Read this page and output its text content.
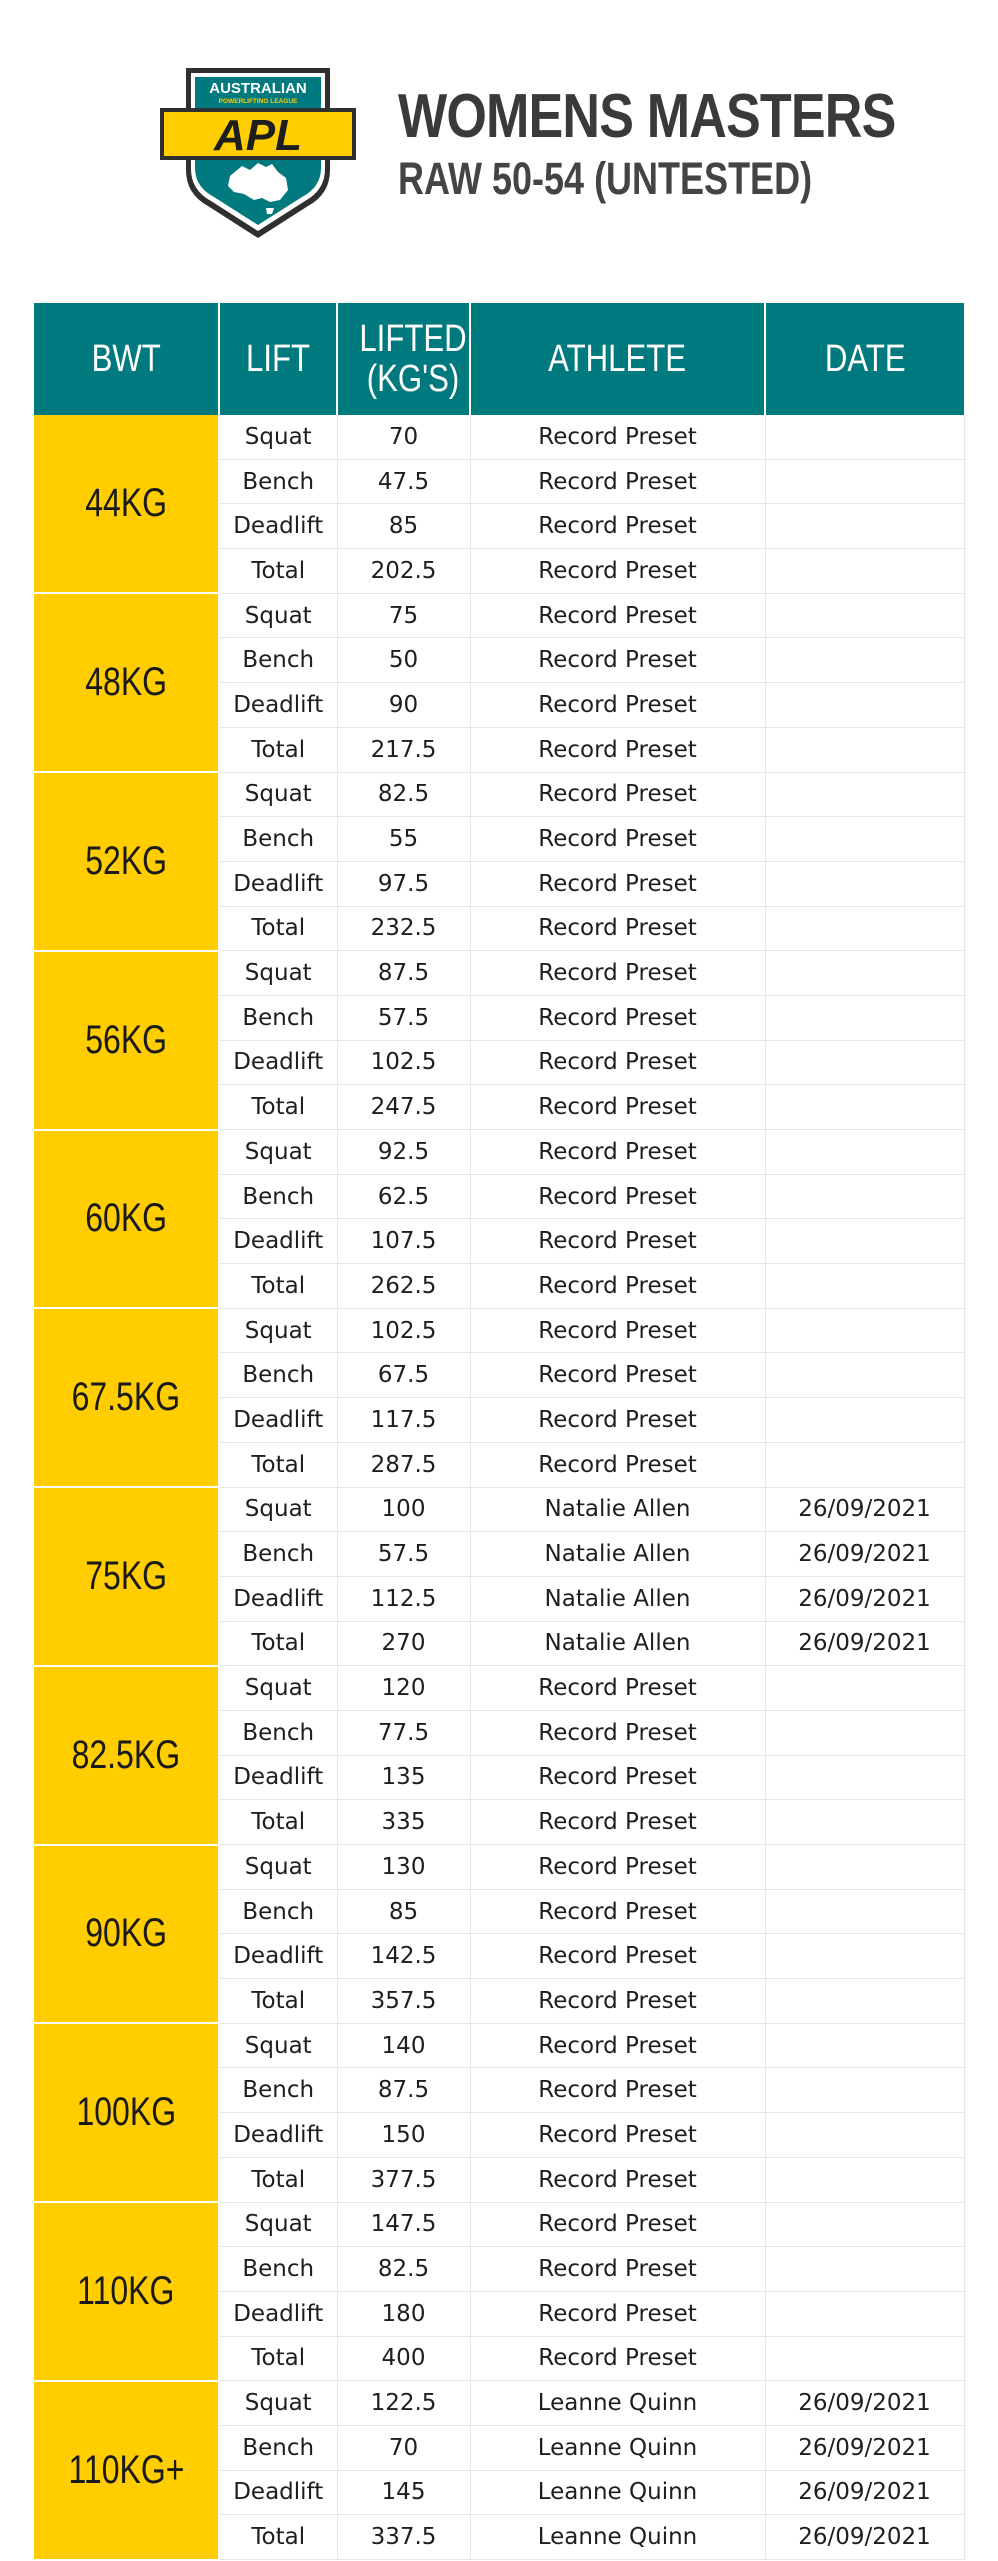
AUSTRALIAN
POWERLIFTING LEAGUE
APL WOMENS MASTERS
RAW 50-54 (UNTESTED)
BWT	LIFT	LIFTED (KG'S)	ATHLETE	DATE
44KG	Squat	70	Record Preset	
	Bench	47.5	Record Preset	
	Deadlift	85	Record Preset	
	Total	202.5	Record Preset	
48KG	Squat	75	Record Preset	
	Bench	50	Record Preset	
	Deadlift	90	Record Preset	
	Total	217.5	Record Preset	
52KG	Squat	82.5	Record Preset	
	Bench	55	Record Preset	
	Deadlift	97.5	Record Preset	
	Total	232.5	Record Preset	
56KG	Squat	87.5	Record Preset	
	Bench	57.5	Record Preset	
	Deadlift	102.5	Record Preset	
	Total	247.5	Record Preset	
60KG	Squat	92.5	Record Preset	
	Bench	62.5	Record Preset	
	Deadlift	107.5	Record Preset	
	Total	262.5	Record Preset	
67.5KG	Squat	102.5	Record Preset	
	Bench	67.5	Record Preset	
	Deadlift	117.5	Record Preset	
	Total	287.5	Record Preset	
75KG	Squat	100	Natalie Allen	26/09/2021
	Bench	57.5	Natalie Allen	26/09/2021
	Deadlift	112.5	Natalie Allen	26/09/2021
	Total	270	Natalie Allen	26/09/2021
82.5KG	Squat	120	Record Preset	
	Bench	77.5	Record Preset	
	Deadlift	135	Record Preset	
	Total	335	Record Preset	
90KG	Squat	130	Record Preset	
	Bench	85	Record Preset	
	Deadlift	142.5	Record Preset	
	Total	357.5	Record Preset	
100KG	Squat	140	Record Preset	
	Bench	87.5	Record Preset	
	Deadlift	150	Record Preset	
	Total	377.5	Record Preset	
110KG	Squat	147.5	Record Preset	
	Bench	82.5	Record Preset	
	Deadlift	180	Record Preset	
	Total	400	Record Preset	
110KG+	Squat	122.5	Leanne Quinn	26/09/2021
	Bench	70	Leanne Quinn	26/09/2021
	Deadlift	145	Leanne Quinn	26/09/2021
	Total	337.5	Leanne Quinn	26/09/2021
